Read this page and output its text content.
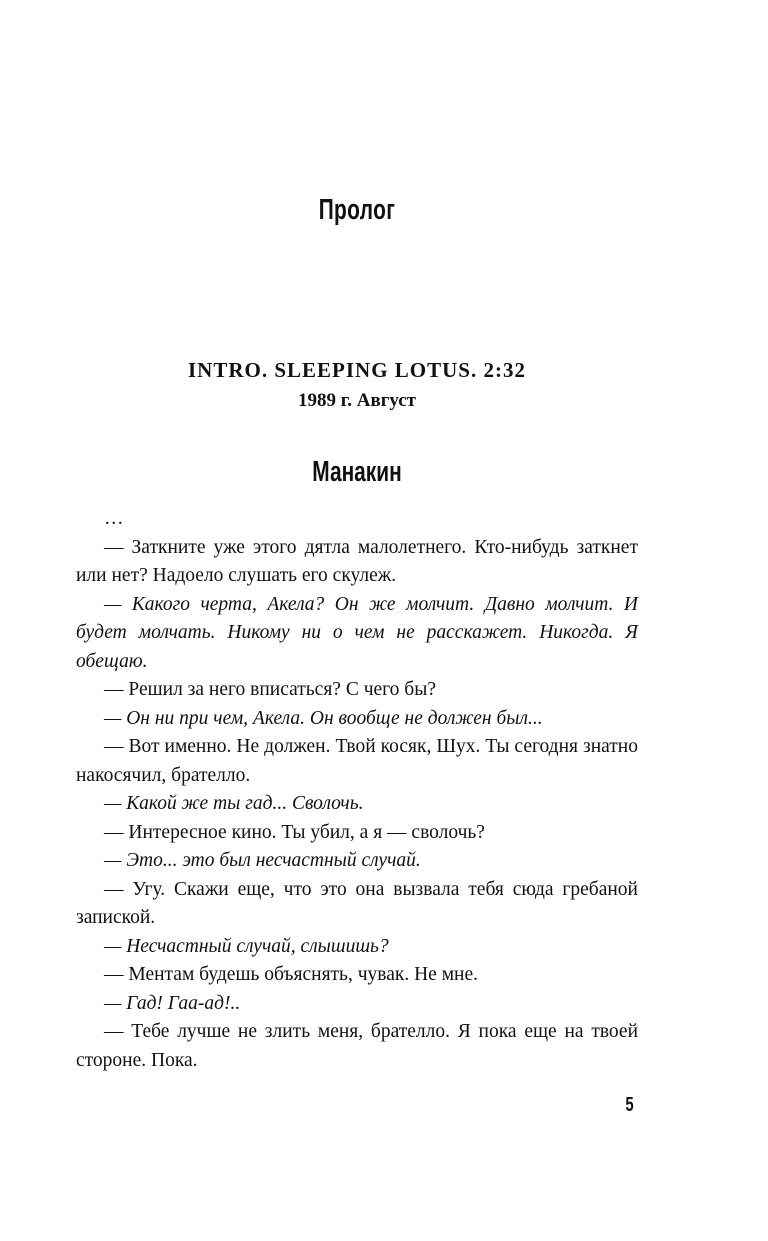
Пролог
INTRO. SLEEPING LOTUS. 2:32
1989 г. Август
Манакин

…

— Заткните уже этого дятла малолетнего. Кто-нибудь заткнет или нет? Надоело слушать его скулеж.

— Какого черта, Акела? Он же молчит. Давно молчит. И будет молчать. Никому ни о чем не расскажет. Никогда. Я обещаю.

— Решил за него вписаться? С чего бы?

— Он ни при чем, Акела. Он вообще не должен был...

— Вот именно. Не должен. Твой косяк, Шух. Ты сегодня знатно накосячил, брателло.

— Какой же ты гад... Сволочь.

— Интересное кино. Ты убил, а я — сволочь?

— Это... это был несчастный случай.

— Угу. Скажи еще, что это она вызвала тебя сюда гребаной запиской.

— Несчастный случай, слышишь?

— Ментам будешь объяснять, чувак. Не мне.

— Гад! Гаа-ад!..

— Тебе лучше не злить меня, брателло. Я пока еще на твоей стороне. Пока.

5
